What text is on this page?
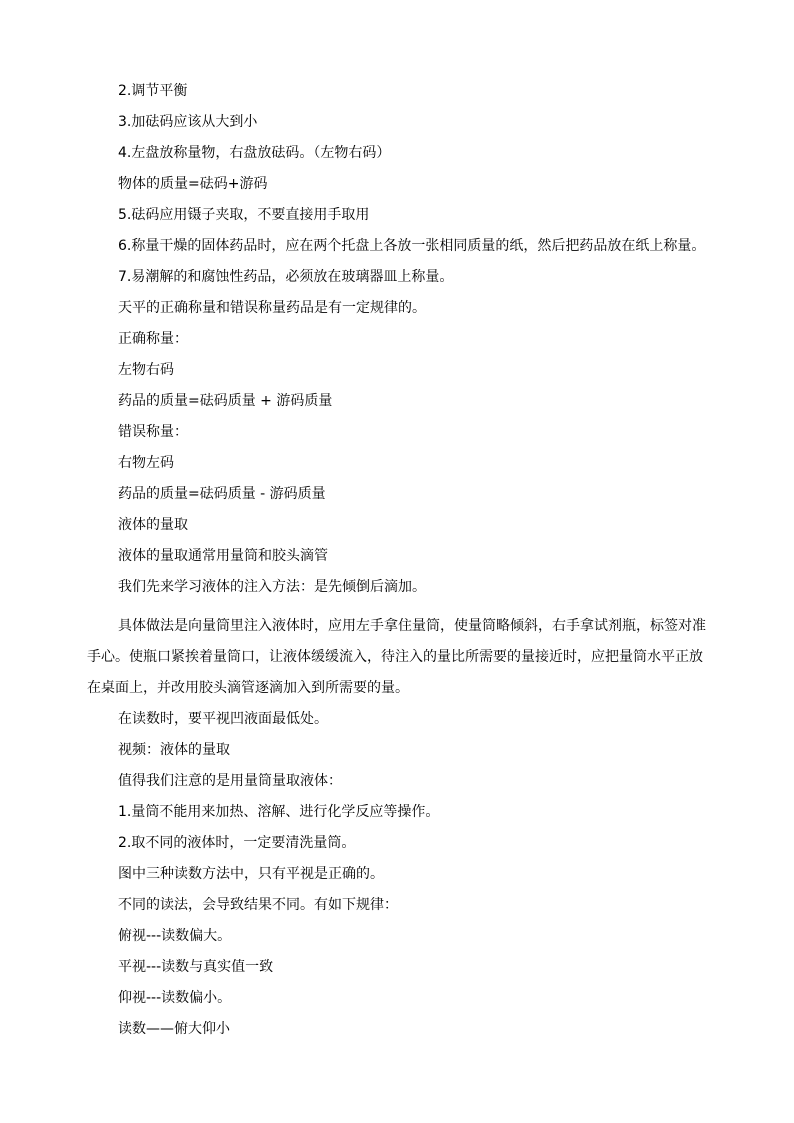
2.调节平衡
3.加砝码应该从大到小
4.左盘放称量物，右盘放砝码。（左物右码）
物体的质量=砝码+游码
5.砝码应用镊子夹取，不要直接用手取用
6.称量干燥的固体药品时，应在两个托盘上各放一张相同质量的纸，然后把药品放在纸上称量。
7.易潮解的和腐蚀性药品，必须放在玻璃器皿上称量。
天平的正确称量和错误称量药品是有一定规律的。
正确称量：
左物右码
药品的质量=砝码质量 + 游码质量
错误称量：
右物左码
药品的质量=砝码质量 - 游码质量
液体的量取
液体的量取通常用量筒和胶头滴管
我们先来学习液体的注入方法：是先倾倒后滴加。

具体做法是向量筒里注入液体时，应用左手拿住量筒，使量筒略倾斜，右手拿试剂瓶，标签对准手心。使瓶口紧挨着量筒口，让液体缓缓流入，待注入的量比所需要的量接近时，应把量筒水平正放在桌面上，并改用胶头滴管逐滴加入到所需要的量。

在读数时，要平视凹液面最低处。
视频：液体的量取
值得我们注意的是用量筒量取液体：
1.量筒不能用来加热、溶解、进行化学反应等操作。
2.取不同的液体时，一定要清洗量筒。
图中三种读数方法中，只有平视是正确的。
不同的读法，会导致结果不同。有如下规律：
俯视---读数偏大。
平视---读数与真实值一致
仰视---读数偏小。
读数——俯大仰小
